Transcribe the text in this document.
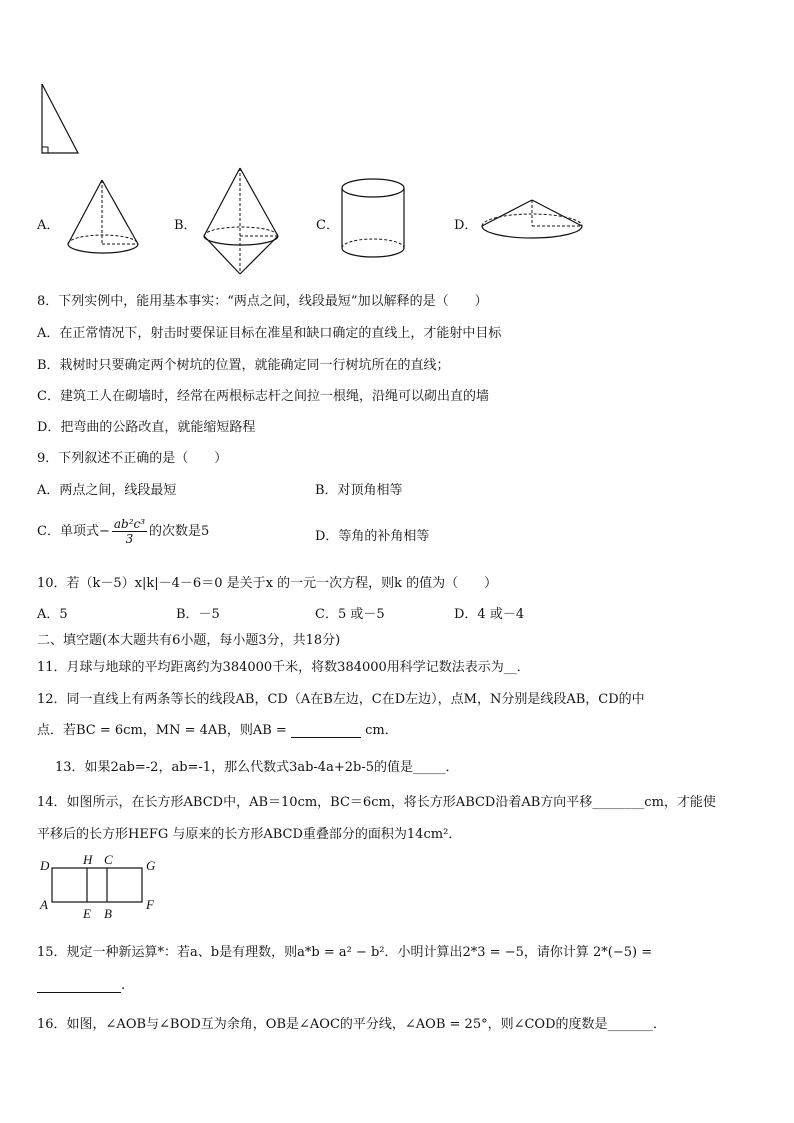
A．	B．	C．	D．
8．下列实例中，能用基本事实：“两点之间，线段最短”加以解释的是（　　）
A．在正常情况下，射击时要保证目标在准星和缺口确定的直线上，才能射中目标
B．栽树时只要确定两个树坑的位置，就能确定同一行树坑所在的直线；
C．建筑工人在砌墙时，经常在两根标志杆之间拉一根绳，沿绳可以砌出直的墙
D．把弯曲的公路改直，就能缩短路程
9．下列叙述不正确的是（　　）
A．两点之间，线段最短	B．对顶角相等
C．单项式− $\frac{\text{ab²c³}}{3}$ 的次数是5	D．等角的补角相等
10．若（k－5）x|k|－4－6＝0 是关于x 的一元一次方程，则k 的值为（　　）
A．5	B．－5	C．5 或－5	D．4 或－4
二、填空题(本大题共有6小题，每小题3分，共18分)
11．月球与地球的平均距离约为384000千米，将数384000用科学记数法表示为__．
12．同一直线上有两条等长的线段AB，CD（A在B左边，C在D左边），点M，N分别是线段AB，CD的中
点．若BC = 6cm，MN = 4AB，则AB =	cm．
13．如果2ab=-2，ab=-1，那么代数式3ab-4a+2b-5的值是_____．
14．如图所示，在长方形ABCD中，AB＝10cm，BC＝6cm，将长方形ABCD沿着AB方向平移________cm，才能使
平移后的长方形HEFG 与原来的长方形ABCD重叠部分的面积为14cm²．
D	H C	G
A
E B
F
15．规定一种新运算*：若a、b是有理数，则a*b = a² − b²．小明计算出2*3 = −5，请你计算 2*(−5) =
.
16．如图，∠AOB与∠BOD互为余角，OB是∠AOC的平分线，∠AOB = 25°，则∠COD的度数是_______．
